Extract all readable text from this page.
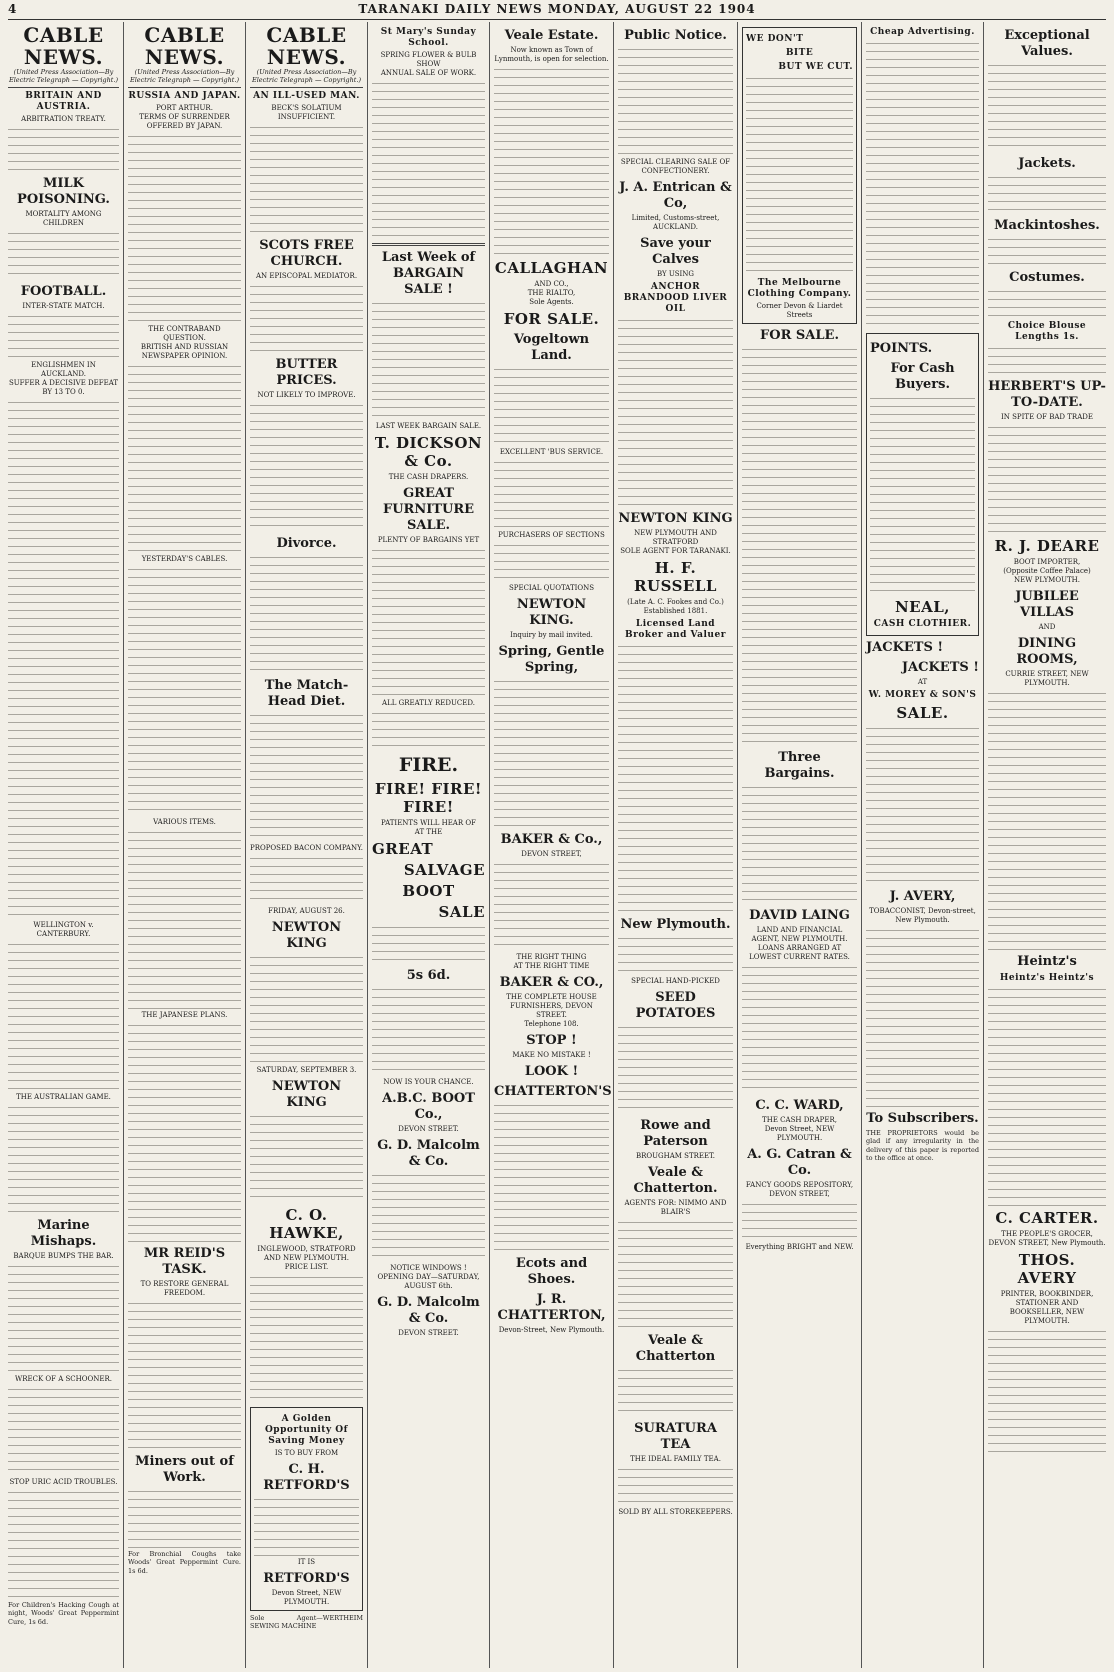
4	TARANAKI DAILY NEWS MONDAY, AUGUST 22 1904
CABLE NEWS.
(United Press Association—By Electric Telegraph — Copyright.)
BRITAIN AND AUSTRIA.
ARBITRATION TREATY.
MILK POISONING.
MORTALITY AMONG CHILDREN
FOOTBALL.
INTER-STATE MATCH.
ENGLISHMEN IN AUCKLAND.
SUFFER A DECISIVE DEFEAT BY 13 TO 0.
WELLINGTON v. CANTERBURY.
THE AUSTRALIAN GAME.
Marine Mishaps.
BARQUE BUMPS THE BAR.
WRECK OF A SCHOONER.
STOP URIC ACID TROUBLES.
For Children's Hacking Cough at night, Woods' Great Peppermint Cure, 1s 6d.
CABLE NEWS.
(United Press Association—By Electric Telegraph — Copyright.)
RUSSIA AND JAPAN.
PORT ARTHUR.
TERMS OF SURRENDER OFFERED BY JAPAN.
THE CONTRABAND QUESTION.
BRITISH AND RUSSIAN NEWSPAPER OPINION.
YESTERDAY'S CABLES.
VARIOUS ITEMS.
THE JAPANESE PLANS.
MR REID'S TASK.
TO RESTORE GENERAL FREEDOM.
Miners out of Work.
For Bronchial Coughs take Woods' Great Peppermint Cure. 1s 6d.
CABLE NEWS.
(United Press Association—By Electric Telegraph — Copyright.)
AN ILL-USED MAN.
BECK'S SOLATIUM INSUFFICIENT.
SCOTS FREE CHURCH.
AN EPISCOPAL MEDIATOR.
BUTTER PRICES.
NOT LIKELY TO IMPROVE.
Divorce.
The Match-Head Diet.
PROPOSED BACON COMPANY.
FRIDAY, AUGUST 26.
NEWTON KING
SATURDAY, SEPTEMBER 3.
NEWTON KING
C. O. HAWKE,
INGLEWOOD, STRATFORD AND NEW PLYMOUTH.
PRICE LIST.
A Golden Opportunity Of Saving Money
IS TO BUY FROM
C. H. RETFORD'S
IT IS
RETFORD'S
Devon Street, NEW PLYMOUTH.
Sole Agent—WERTHEIM SEWING MACHINE
St Mary's Sunday School.
SPRING FLOWER & BULB SHOW
ANNUAL SALE OF WORK.
Last Week of BARGAIN SALE !
LAST WEEK BARGAIN SALE.
T. DICKSON & Co.
THE CASH DRAPERS.
GREAT FURNITURE SALE.
PLENTY OF BARGAINS YET
ALL GREATLY REDUCED.
FIRE.
FIRE! FIRE! FIRE!
PATIENTS WILL HEAR OF
AT THE
GREAT
SALVAGE
BOOT
SALE
5s 6d.
NOW IS YOUR CHANCE.
A.B.C. BOOT Co.,
DEVON STREET.
G. D. Malcolm & Co.
NOTICE WINDOWS !
OPENING DAY—SATURDAY, AUGUST 6th.
G. D. Malcolm & Co.
DEVON STREET.
Veale Estate.
Now known as Town of Lynmouth, is open for selection.
CALLAGHAN
AND CO.,
THE RIALTO,
Sole Agents.
FOR SALE.
Vogeltown Land.
EXCELLENT 'BUS SERVICE.
PURCHASERS OF SECTIONS
SPECIAL QUOTATIONS
NEWTON KING.
Inquiry by mail invited.
Spring, Gentle Spring,
BAKER & Co.,
DEVON STREET,
THE RIGHT THING
AT THE RIGHT TIME
BAKER & CO.,
THE COMPLETE HOUSE FURNISHERS, DEVON STREET.
Telephone 108.
STOP !
MAKE NO MISTAKE !
LOOK !
CHATTERTON'S
Ecots and Shoes.
J. R. CHATTERTON,
Devon-Street, New Plymouth.
Public Notice.
SPECIAL CLEARING SALE OF CONFECTIONERY.
J. A. Entrican & Co,
Limited, Customs-street, AUCKLAND.
Save your Calves
BY USING
ANCHOR BRANDOOD LIVER OIL
NEWTON KING
NEW PLYMOUTH AND STRATFORD
SOLE AGENT FOR TARANAKI.
H. F. RUSSELL
(Late A. C. Fookes and Co.)
Established 1881.
Licensed Land Broker and Valuer
New Plymouth.
SPECIAL HAND-PICKED
SEED POTATOES
Rowe and Paterson
BROUGHAM STREET.
Veale & Chatterton.
AGENTS FOR: NIMMO AND BLAIR'S
Veale & Chatterton
SURATURA TEA
THE IDEAL FAMILY TEA.
SOLD BY ALL STOREKEEPERS.
WE DON'T
BITE
BUT WE CUT.
The Melbourne Clothing Company.
Corner Devon & Liardet Streets
FOR SALE.
Three Bargains.
DAVID LAING
LAND AND FINANCIAL AGENT, NEW PLYMOUTH.
LOANS ARRANGED AT LOWEST CURRENT RATES.
C. C. WARD,
THE CASH DRAPER,
Devon Street, NEW PLYMOUTH.
A. G. Catran & Co.
FANCY GOODS REPOSITORY, DEVON STREET,
Everything BRIGHT and NEW.
Cheap Advertising.
POINTS.
For Cash Buyers.
NEAL,
CASH CLOTHIER.
JACKETS !
JACKETS !
AT
W. MOREY & SON'S
SALE.
J. AVERY,
TOBACCONIST, Devon-street, New Plymouth.
To Subscribers.
THE PROPRIETORS would be glad if any irregularity in the delivery of this paper is reported to the office at once.
Exceptional Values.
Jackets.
Mackintoshes.
Costumes.
Choice Blouse Lengths 1s.
HERBERT'S UP-TO-DATE.
IN SPITE OF BAD TRADE
R. J. DEARE
BOOT IMPORTER,
(Opposite Coffee Palace)
NEW PLYMOUTH.
JUBILEE VILLAS
AND
DINING ROOMS,
CURRIE STREET, NEW PLYMOUTH.
Heintz's
Heintz's Heintz's
C. CARTER.
THE PEOPLE'S GROCER, DEVON STREET, New Plymouth.
THOS. AVERY
PRINTER, BOOKBINDER, STATIONER AND BOOKSELLER, NEW PLYMOUTH.
